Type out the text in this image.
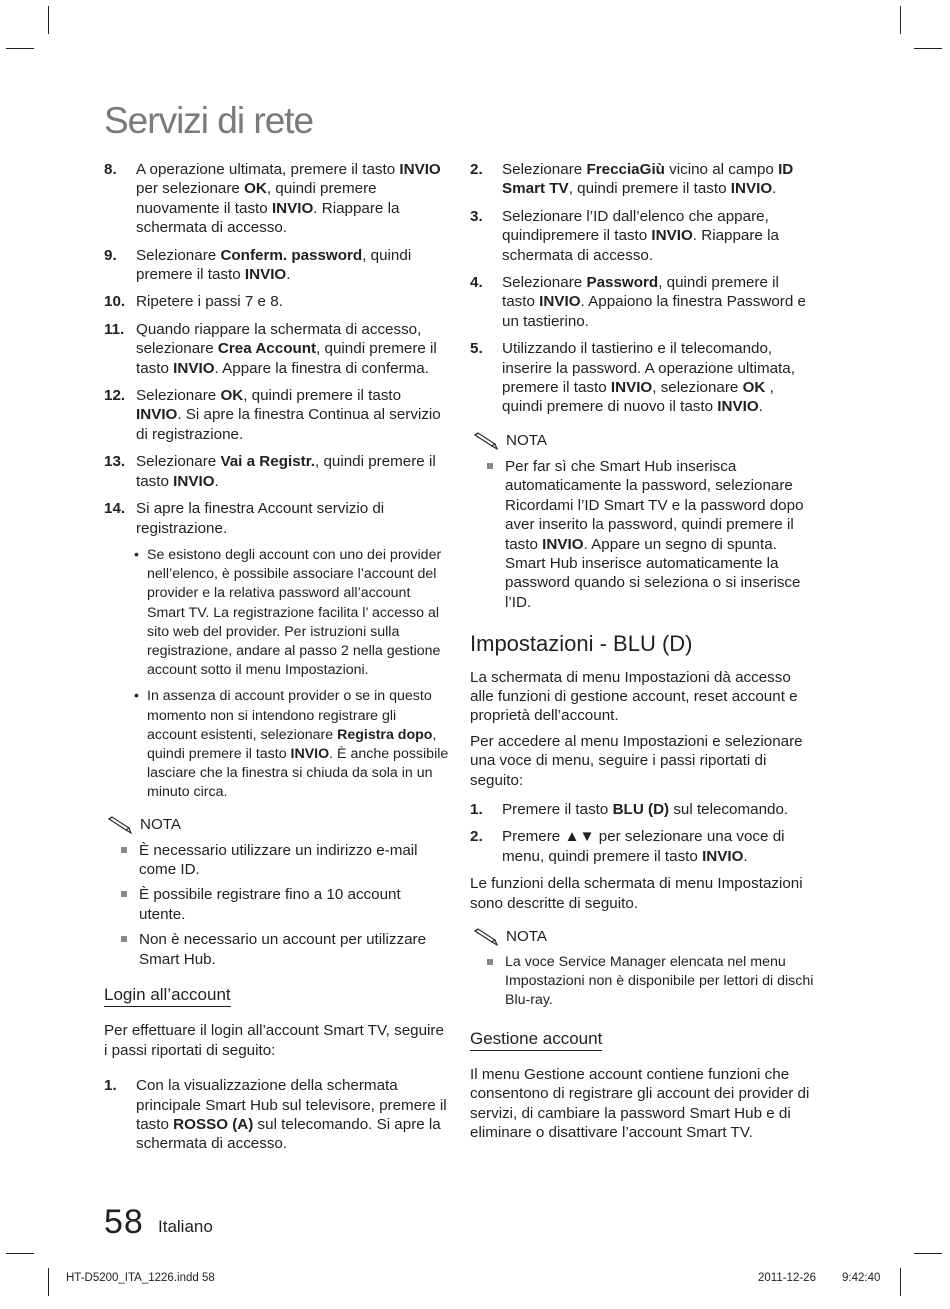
Servizi di rete
8. A operazione ultimata, premere il tasto INVIO per selezionare OK, quindi premere nuovamente il tasto INVIO. Riappare la schermata di accesso.
9. Selezionare Conferm. password, quindi premere il tasto INVIO.
10. Ripetere i passi 7 e 8.
11. Quando riappare la schermata di accesso, selezionare Crea Account, quindi premere il tasto INVIO. Appare la finestra di conferma.
12. Selezionare OK, quindi premere il tasto INVIO. Si apre la finestra Continua al servizio di registrazione.
13. Selezionare Vai a Registr., quindi premere il tasto INVIO.
14. Si apre la finestra Account servizio di registrazione.
• Se esistono degli account con uno dei provider nell’elenco, è possibile associare l’account del provider e la relativa password all’account Smart TV. La registrazione facilita l’ accesso al sito web del provider. Per istruzioni sulla registrazione, andare al passo 2 nella gestione account sotto il menu Impostazioni.
• In assenza di account provider o se in questo momento non si intendono registrare gli account esistenti, selezionare Registra dopo, quindi premere il tasto INVIO. È anche possibile lasciare che la finestra si chiuda da sola in un minuto circa.
NOTA
È necessario utilizzare un indirizzo e-mail come ID.
È possibile registrare fino a 10 account utente.
Non è necessario un account per utilizzare Smart Hub.
Login all’account
Per effettuare il login all’account Smart TV, seguire i passi riportati di seguito:
1. Con la visualizzazione della schermata principale Smart Hub sul televisore, premere il tasto ROSSO (A) sul telecomando. Si apre la schermata di accesso.
2. Selezionare FrecciaGiù vicino al campo ID Smart TV, quindi premere il tasto INVIO.
3. Selezionare l’ID dall’elenco che appare, quindipremere il tasto INVIO. Riappare la schermata di accesso.
4. Selezionare Password, quindi premere il tasto INVIO. Appaiono la finestra Password e un tastierino.
5. Utilizzando il tastierino e il telecomando, inserire la password. A operazione ultimata, premere il tasto INVIO, selezionare OK , quindi premere di nuovo il tasto INVIO.
NOTA
Per far sì che Smart Hub inserisca automaticamente la password, selezionare Ricordami l’ID Smart TV e la password dopo aver inserito la password, quindi premere il tasto INVIO. Appare un segno di spunta. Smart Hub inserisce automaticamente la password quando si seleziona o si inserisce l’ID.
Impostazioni - BLU (D)
La schermata di menu Impostazioni dà accesso alle funzioni di gestione account, reset account e proprietà dell’account.
Per accedere al menu Impostazioni e selezionare una voce di menu, seguire i passi riportati di seguito:
1. Premere il tasto BLU (D) sul telecomando.
2. Premere ▲▼ per selezionare una voce di menu, quindi premere il tasto INVIO.
Le funzioni della schermata di menu Impostazioni sono descritte di seguito.
NOTA
La voce Service Manager elencata nel menu Impostazioni non è disponibile per lettori di dischi Blu-ray.
Gestione account
Il menu Gestione account contiene funzioni che consentono di registrare gli account dei provider di servizi, di cambiare la password Smart Hub e di eliminare o disattivare l’account Smart TV.
58 Italiano
HT-D5200_ITA_1226.indd 58	2011-12-26 9:42:40
